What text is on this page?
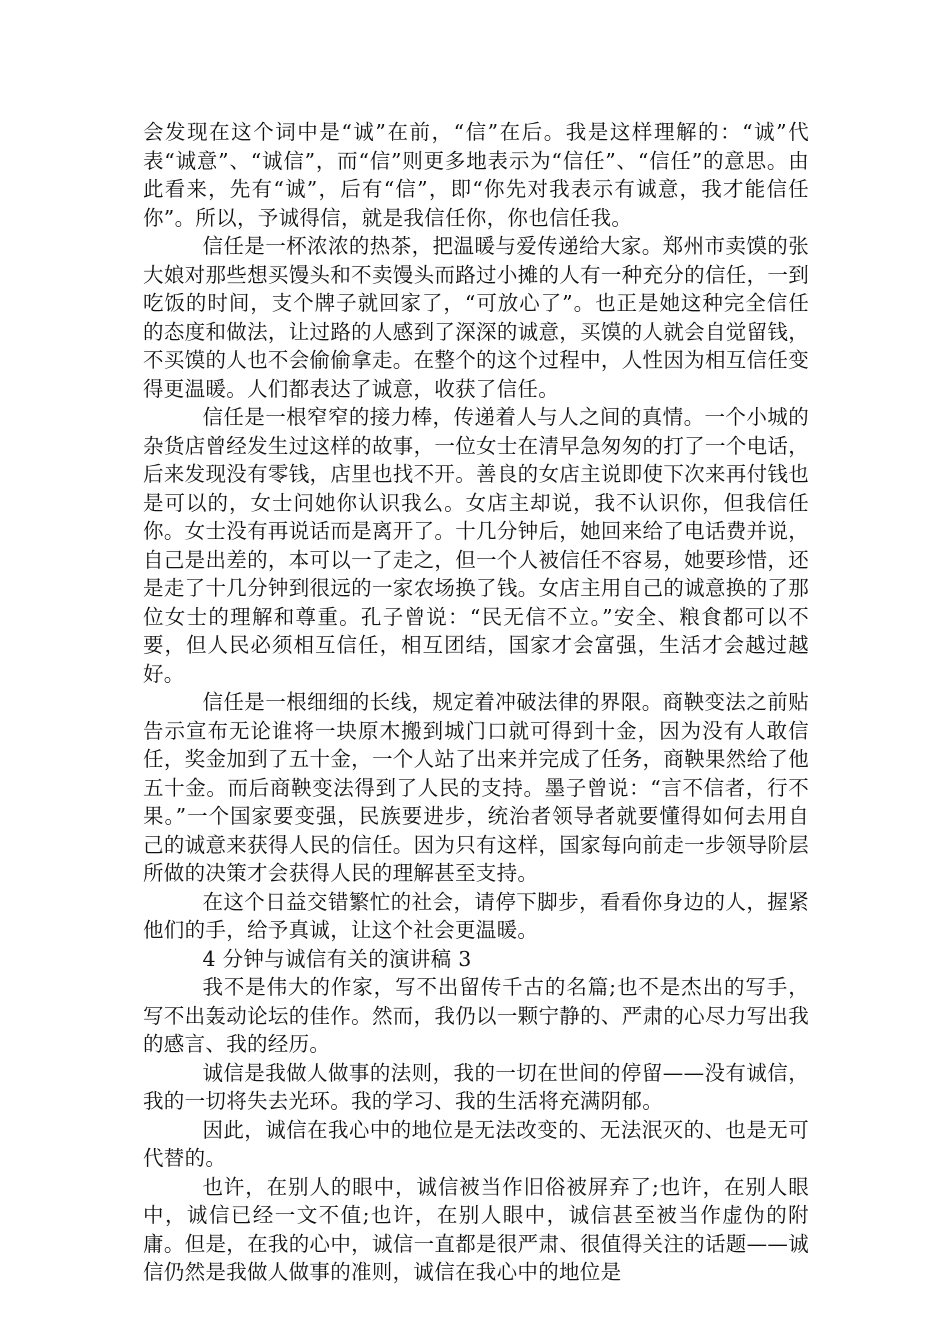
会发现在这个词中是“诚”在前，“信”在后。我是这样理解的：“诚”代表“诚意”、“诚信”，而“信”则更多地表示为“信任”、“信任”的意思。由此看来，先有“诚”，后有“信”，即“你先对我表示有诚意，我才能信任你”。所以，予诚得信，就是我信任你，你也信任我。

信任是一杯浓浓的热茶，把温暖与爱传递给大家。郑州市卖馍的张大娘对那些想买馒头和不卖馒头而路过小摊的人有一种充分的信任，一到吃饭的时间，支个牌子就回家了，“可放心了”。也正是她这种完全信任的态度和做法，让过路的人感到了深深的诚意，买馍的人就会自觉留钱，不买馍的人也不会偷偷拿走。在整个的这个过程中，人性因为相互信任变得更温暖。人们都表达了诚意，收获了信任。

信任是一根窄窄的接力棒，传递着人与人之间的真情。一个小城的杂货店曾经发生过这样的故事，一位女士在清早急匆匆的打了一个电话，后来发现没有零钱，店里也找不开。善良的女店主说即使下次来再付钱也是可以的，女士问她你认识我么。女店主却说，我不认识你，但我信任你。女士没有再说话而是离开了。十几分钟后，她回来给了电话费并说，自己是出差的，本可以一了走之，但一个人被信任不容易，她要珍惜，还是走了十几分钟到很远的一家农场换了钱。女店主用自己的诚意换的了那位女士的理解和尊重。孔子曾说：“民无信不立。”安全、粮食都可以不要，但人民必须相互信任，相互团结，国家才会富强，生活才会越过越好。

信任是一根细细的长线，规定着冲破法律的界限。商鞅变法之前贴告示宣布无论谁将一块原木搬到城门口就可得到十金，因为没有人敢信任，奖金加到了五十金，一个人站了出来并完成了任务，商鞅果然给了他五十金。而后商鞅变法得到了人民的支持。墨子曾说：“言不信者，行不果。”一个国家要变强，民族要进步，统治者领导者就要懂得如何去用自己的诚意来获得人民的信任。因为只有这样，国家每向前走一步领导阶层所做的决策才会获得人民的理解甚至支持。

在这个日益交错繁忙的社会，请停下脚步，看看你身边的人，握紧他们的手，给予真诚，让这个社会更温暖。

4 分钟与诚信有关的演讲稿 3

我不是伟大的作家，写不出留传千古的名篇;也不是杰出的写手，写不出轰动论坛的佳作。然而，我仍以一颗宁静的、严肃的心尽力写出我的感言、我的经历。

诚信是我做人做事的法则，我的一切在世间的停留——没有诚信，我的一切将失去光环。我的学习、我的生活将充满阴郁。

因此，诚信在我心中的地位是无法改变的、无法泯灭的、也是无可代替的。

也许，在别人的眼中，诚信被当作旧俗被屏弃了;也许，在别人眼中，诚信已经一文不值;也许，在别人眼中，诚信甚至被当作虚伪的附庸。但是，在我的心中，诚信一直都是很严肃、很值得关注的话题——诚信仍然是我做人做事的准则，诚信在我心中的地位是
